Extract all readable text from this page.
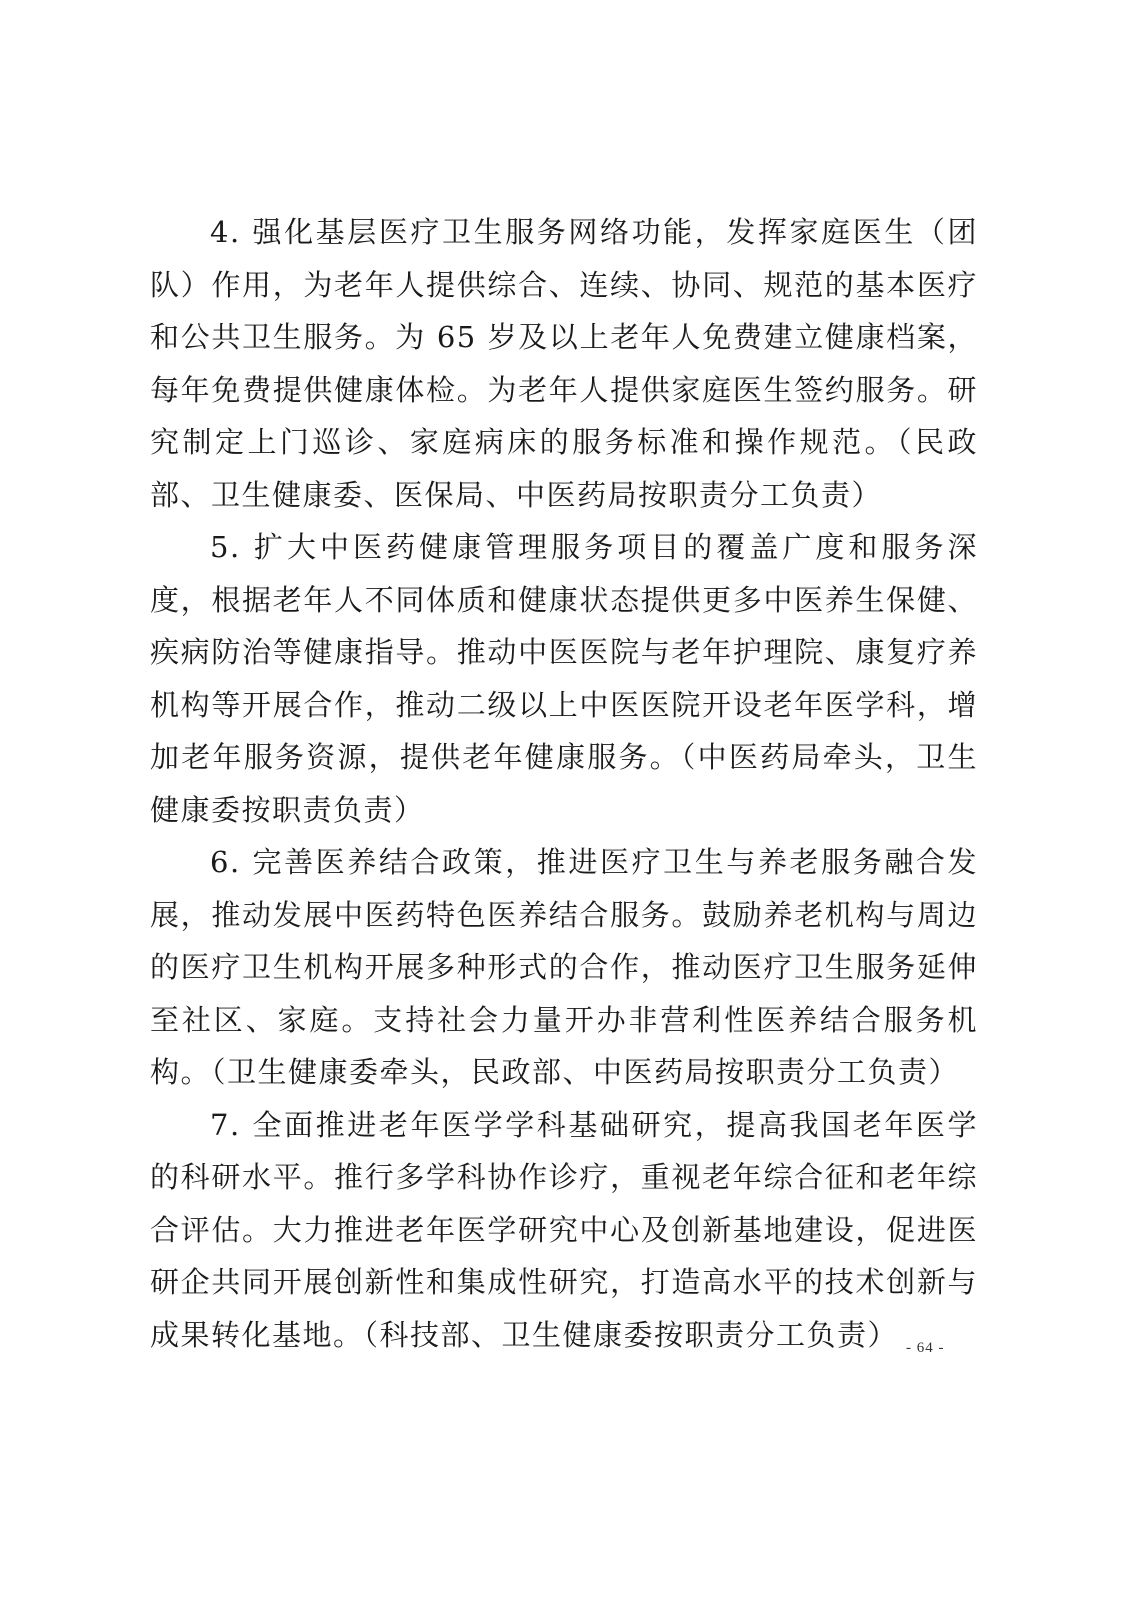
4. 强化基层医疗卫生服务网络功能，发挥家庭医生（团队）作用，为老年人提供综合、连续、协同、规范的基本医疗和公共卫生服务。为 65 岁及以上老年人免费建立健康档案，每年免费提供健康体检。为老年人提供家庭医生签约服务。研究制定上门巡诊、家庭病床的服务标准和操作规范。（民政部、卫生健康委、医保局、中医药局按职责分工负责）

5. 扩大中医药健康管理服务项目的覆盖广度和服务深度，根据老年人不同体质和健康状态提供更多中医养生保健、疾病防治等健康指导。推动中医医院与老年护理院、康复疗养机构等开展合作，推动二级以上中医医院开设老年医学科，增加老年服务资源，提供老年健康服务。（中医药局牵头，卫生健康委按职责负责）

6. 完善医养结合政策，推进医疗卫生与养老服务融合发展，推动发展中医药特色医养结合服务。鼓励养老机构与周边的医疗卫生机构开展多种形式的合作，推动医疗卫生服务延伸至社区、家庭。支持社会力量开办非营利性医养结合服务机构。（卫生健康委牵头，民政部、中医药局按职责分工负责）

7. 全面推进老年医学学科基础研究，提高我国老年医学的科研水平。推行多学科协作诊疗，重视老年综合征和老年综合评估。大力推进老年医学研究中心及创新基地建设，促进医研企共同开展创新性和集成性研究，打造高水平的技术创新与成果转化基地。（科技部、卫生健康委按职责分工负责） - 64 -
